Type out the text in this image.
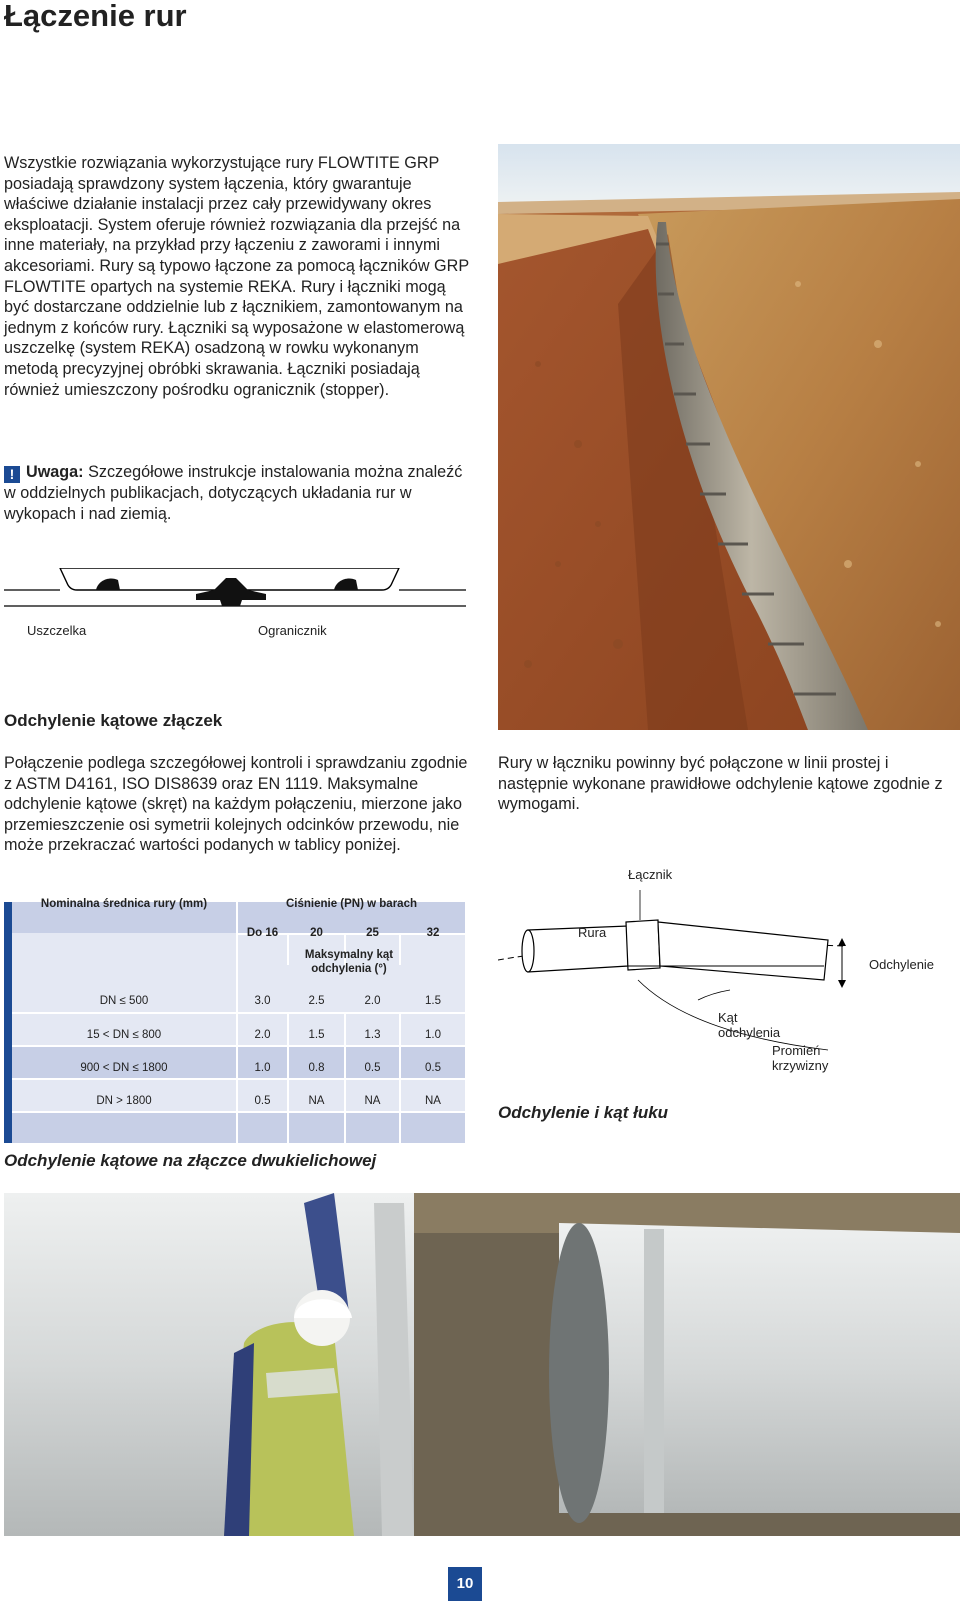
Łączenie rur

Wszystkie rozwiązania wykorzystujące rury FLOWTITE GRP posiadają sprawdzony system łączenia, który gwarantuje właściwe działanie instalacji przez cały przewidywany okres eksploatacji. System oferuje również rozwiązania dla przejść na inne materiały, na przykład przy łączeniu z zaworami i innymi akcesoriami. Rury są typowo łączone za pomocą łączników GRP FLOWTITE opartych na systemie REKA. Rury i łączniki mogą być dostarczane oddzielnie lub z łącznikiem, zamontowanym na jednym z końców rury. Łączniki są wyposażone w elastomerową uszczelkę (system REKA) osadzoną w rowku wykonanym metodą precyzyjnej obróbki skrawania. Łączniki posiadają również umieszczony pośrodku ogranicznik (stopper).

! Uwaga: Szczegółowe instrukcje instalowania można znaleźć w oddzielnych publikacjach, dotyczących układania rur w wykopach i nad ziemią.

Uszczelka	Ogranicznik
Odchylenie kątowe złączek

Połączenie podlega szczegółowej kontroli i sprawdzaniu zgodnie z ASTM D4161, ISO DIS8639 oraz EN 1119. Maksymalne odchylenie kątowe (skręt) na każdym połączeniu, mierzone jako przemieszczenie osi symetrii kolejnych odcinków przewodu, nie może przekraczać wartości podanych w tablicy poniżej.

Rury w łączniku powinny być połączone w linii prostej i następnie wykonane prawidłowe odchylenie kątowe zgodnie z wymogami.

Nominalna średnica rury (mm)	Ciśnienie (PN) w barach
Do 16	20	25	32
Maksymalny kąt odchylenia (°)
DN ≤ 500	3.0	2.5	2.0	1.5
15 < DN ≤ 800	2.0	1.5	1.3	1.0
900 < DN ≤ 1800	1.0	0.8	0.5	0.5
DN > 1800	0.5	NA	NA	NA
Odchylenie kątowe na złączce dwukielichowej
Łącznik
Rura
Odchylenie
Kąt
odchylenia
Promień
krzywizny
Odchylenie i kąt łuku
10
